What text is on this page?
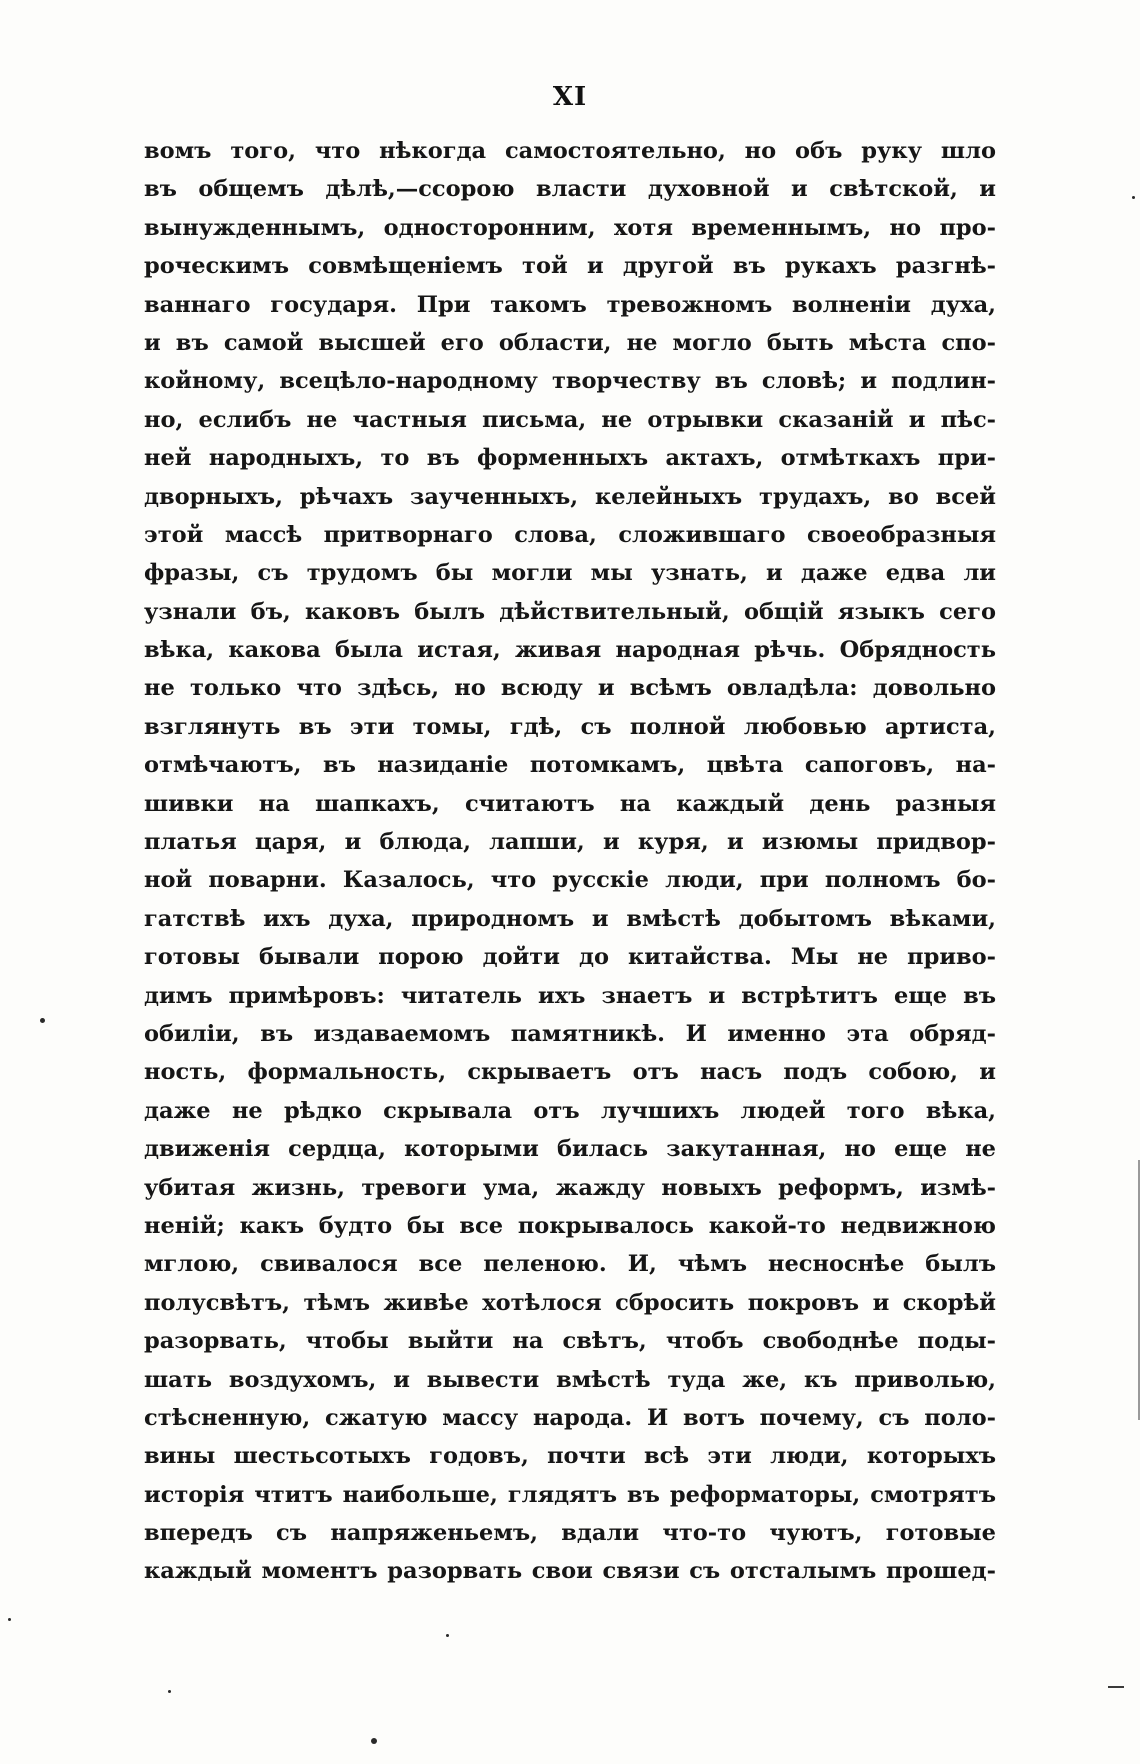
XI
вомъ того, что нѣкогда самостоятельно, но объ руку шло
въ общемъ дѣлѣ,—ссорою власти духовной и свѣтской, и
вынужденнымъ, односторонним, хотя временнымъ, но про-
роческимъ совмѣщеніемъ той и другой въ рукахъ разгнѣ-
ваннаго государя. При такомъ тревожномъ волненіи духа,
и въ самой высшей его области, не могло быть мѣста спо-
койному, всецѣло-народному творчеству въ словѣ; и подлин-
но, еслибъ не частныя письма, не отрывки сказаній и пѣс-
ней народныхъ, то въ форменныхъ актахъ, отмѣткахъ при-
дворныхъ, рѣчахъ заученныхъ, келейныхъ трудахъ, во всей
этой массѣ притворнаго слова, сложившаго своеобразныя
фразы, съ трудомъ бы могли мы узнать, и даже едва ли
узнали бъ, каковъ былъ дѣйствительный, общій языкъ сего
вѣка, какова была истая, живая народная рѣчь. Обрядность
не только что здѣсь, но всюду и всѣмъ овладѣла: довольно
взглянуть въ эти томы, гдѣ, съ полной любовью артиста,
отмѣчаютъ, въ назиданіе потомкамъ, цвѣта сапоговъ, на-
шивки на шапкахъ, считаютъ на каждый день разныя
платья царя, и блюда, лапши, и куря, и изюмы придвор-
ной поварни. Казалось, что русскіе люди, при полномъ бо-
гатствѣ ихъ духа, природномъ и вмѣстѣ добытомъ вѣками,
готовы бывали порою дойти до китайства. Мы не приво-
димъ примѣровъ: читатель ихъ знаетъ и встрѣтитъ еще въ
обиліи, въ издаваемомъ памятникѣ. И именно эта обряд-
ность, формальность, скрываетъ отъ насъ подъ собою, и
даже не рѣдко скрывала отъ лучшихъ людей того вѣка,
движенія сердца, которыми билась закутанная, но еще не
убитая жизнь, тревоги ума, жажду новыхъ реформъ, измѣ-
неній; какъ будто бы все покрывалось какой-то недвижною
мглою, свивалося все пеленою. И, чѣмъ несноснѣе былъ
полусвѣтъ, тѣмъ живѣе хотѣлося сбросить покровъ и скорѣй
разорвать, чтобы выйти на свѣтъ, чтобъ свободнѣе поды-
шать воздухомъ, и вывести вмѣстѣ туда же, къ приволью,
стѣсненную, сжатую массу народа. И вотъ почему, съ поло-
вины шестьсотыхъ годовъ, почти всѣ эти люди, которыхъ
исторія чтитъ наибольше, глядятъ въ реформаторы, смотрятъ
впередъ съ напряженьемъ, вдали что-то чуютъ, готовые
каждый моментъ разорвать свои связи съ отсталымъ прошед-
